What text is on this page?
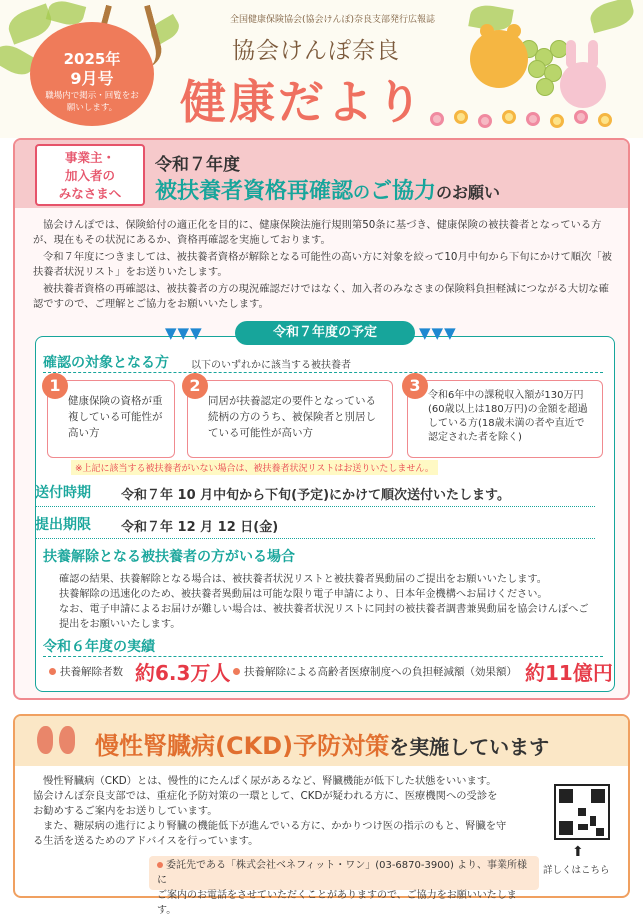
2025年
9月号
職場内で掲示・回覧をお願いします。
全国健康保険協会(協会けんぽ)奈良支部発行広報誌
協会けんぽ奈良
健康だより
事業主・
加入者の
みなさまへ
令和７年度
被扶養者資格再確認のご協力のお願い
協会けんぽでは、保険給付の適正化を目的に、健康保険法施行規則第50条に基づき、健康保険の被扶養者となっている方が、現在もその状況にあるか、資格再確認を実施しております。
令和７年度につきましては、被扶養者資格が解除となる可能性の高い方に対象を絞って10月中旬から下旬にかけて順次「被扶養者状況リスト」をお送りいたします。
被扶養者資格の再確認は、被扶養者の方の現況確認だけではなく、加入者のみなさまの保険料負担軽減につながる大切な確認ですので、ご理解とご協力をお願いいたします。
▼▼▼	令和７年度の予定	▼▼▼
確認の対象となる方 以下のいずれかに該当する被扶養者
1
健康保険の資格が重複している可能性が高い方
2
同居が扶養認定の要件となっている続柄の方のうち、被保険者と別居している可能性が高い方
3
令和6年中の課税収入額が130万円(60歳以上は180万円)の金額を超過している方(18歳未満の者や直近で認定された者を除く)
※上記に該当する被扶養者がいない場合は、被扶養者状況リストはお送りいたしません。
送付時期 令和７年 10 月中旬から下旬(予定)にかけて順次送付いたします。
提出期限 令和７年 12 月 12 日(金)
扶養解除となる被扶養者の方がいる場合
確認の結果、扶養解除となる場合は、被扶養者状況リストと被扶養者異動届のご提出をお願いいたします。
扶養解除の迅速化のため、被扶養者異動届は可能な限り電子申請により、日本年金機構へお届けください。
なお、電子申請によるお届けが難しい場合は、被扶養者状況リストに同封の被扶養者調書兼異動届を協会けんぽへご
提出をお願いいたします。
令和６年度の実績
扶養解除者数 約6.3万人	扶養解除による高齢者医療制度への負担軽減額（効果額） 約11億円
慢性腎臓病(CKD)予防対策を実施しています
慢性腎臓病（CKD）とは、慢性的にたんぱく尿があるなど、腎臓機能が低下した状態をいいます。
協会けんぽ奈良支部では、重症化予防対策の一環として、CKDが疑われる方に、医療機関への受診を
お勧めするご案内をお送りしています。
また、糖尿病の進行により腎臓の機能低下が進んでいる方に、かかりつけ医の指示のもと、腎臓を守
る生活を送るためのアドバイスを行っています。
委託先である「株式会社ベネフィット・ワン」(03-6870-3900) より、事業所様に
ご案内のお電話をさせていただくことがありますので、ご協力をお願いいたします。
⬆
詳しくはこちら
